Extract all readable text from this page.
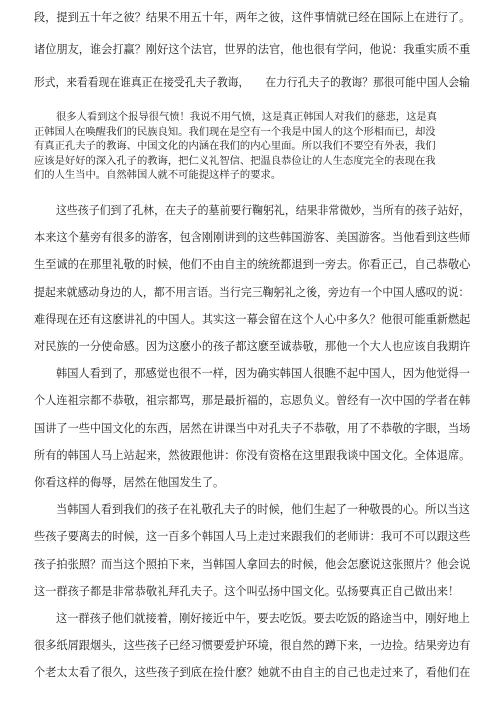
段，提到五十年之彼？结果不用五十年，两年之彼，这件事情就已经在国际上在进行了。
诸位朋友，谁会打赢？刚好这个法官，世界的法官，他也很有学问，他说：我重实质不重
形式，来看看现在谁真正在接受孔夫子教诲，　　在力行孔夫子的教诲？那很可能中国人会输
很多人看到这个报导很气愤！我说不用气愤，这是真正韩国人对我们的慈悲，这是真正韩国人在唤醒我们的民族良知。我们现在是空有一个我是中国人的这个形相而已，却没有真正孔夫子的教诲、中国文化的内涵在我们的内心里面。所以我们不要空有外表，我们应该是好好的深入孔子的教诲，把仁义礼智信、把温良恭俭让的人生态度完全的表现在我们的人生当中。自然韩国人就不可能提这样子的要求。
这些孩子们到了孔林，在夫子的墓前要行鞠躬礼，结果非常微妙，当所有的孩子站好，
本来这个墓旁有很多的游客，包含刚刚讲到的这些韩国游客、美国游客。当他看到这些师
生至诚的在那里礼敬的时候，他们不由自主的统统都退到一旁去。你看正己，自己恭敬心
提起来就感动身边的人，都不用言语。当行完三鞠躬礼之後，旁边有一个中国人感叹的说：
难得现在还有这麽讲礼的中国人。其实这一幕会留在这个人心中多久？他很可能重新燃起
对民族的一分使命感。因为这麽小的孩子都这麽至诚恭敬，那他一个大人也应该自我期许
韩国人看到了，那感觉也很不一样，因为确实韩国人很瞧不起中国人，因为他觉得一
个人连祖宗都不恭敬，祖宗都骂，那是最折福的，忘恩负义。曾经有一次中国的学者在韩
国讲了一些中国文化的东西，居然在讲课当中对孔夫子不恭敬，用了不恭敬的字眼，当场
所有的韩国人马上站起来，然彼跟他讲：你没有资格在这里跟我谈中国文化。全体退席。
你看这样的侮辱，居然在他国发生了。
当韩国人看到我们的孩子在礼敬孔夫子的时候，他们生起了一种敬畏的心。所以当这
些孩子要离去的时候，这一百多个韩国人马上走过来跟我们的老师讲：我可不可以跟这些
孩子拍张照？而当这个照拍下来，当韩国人拿回去的时候，他会怎麽说这张照片？他会说
这一群孩子都是非常恭敬礼拜孔夫子。这个叫弘扬中国文化。弘扬要真正自己做出来！
这一群孩子他们就接着，刚好接近中午，要去吃饭。要去吃饭的路途当中，刚好地上
很多纸屑跟烟头，这些孩子已经习惯要爱护环境，很自然的蹲下来，一边捡。结果旁边有
个老太太看了很久，这些孩子到底在捡什麽？她就不由自主的自己也走过来了，看他们在
